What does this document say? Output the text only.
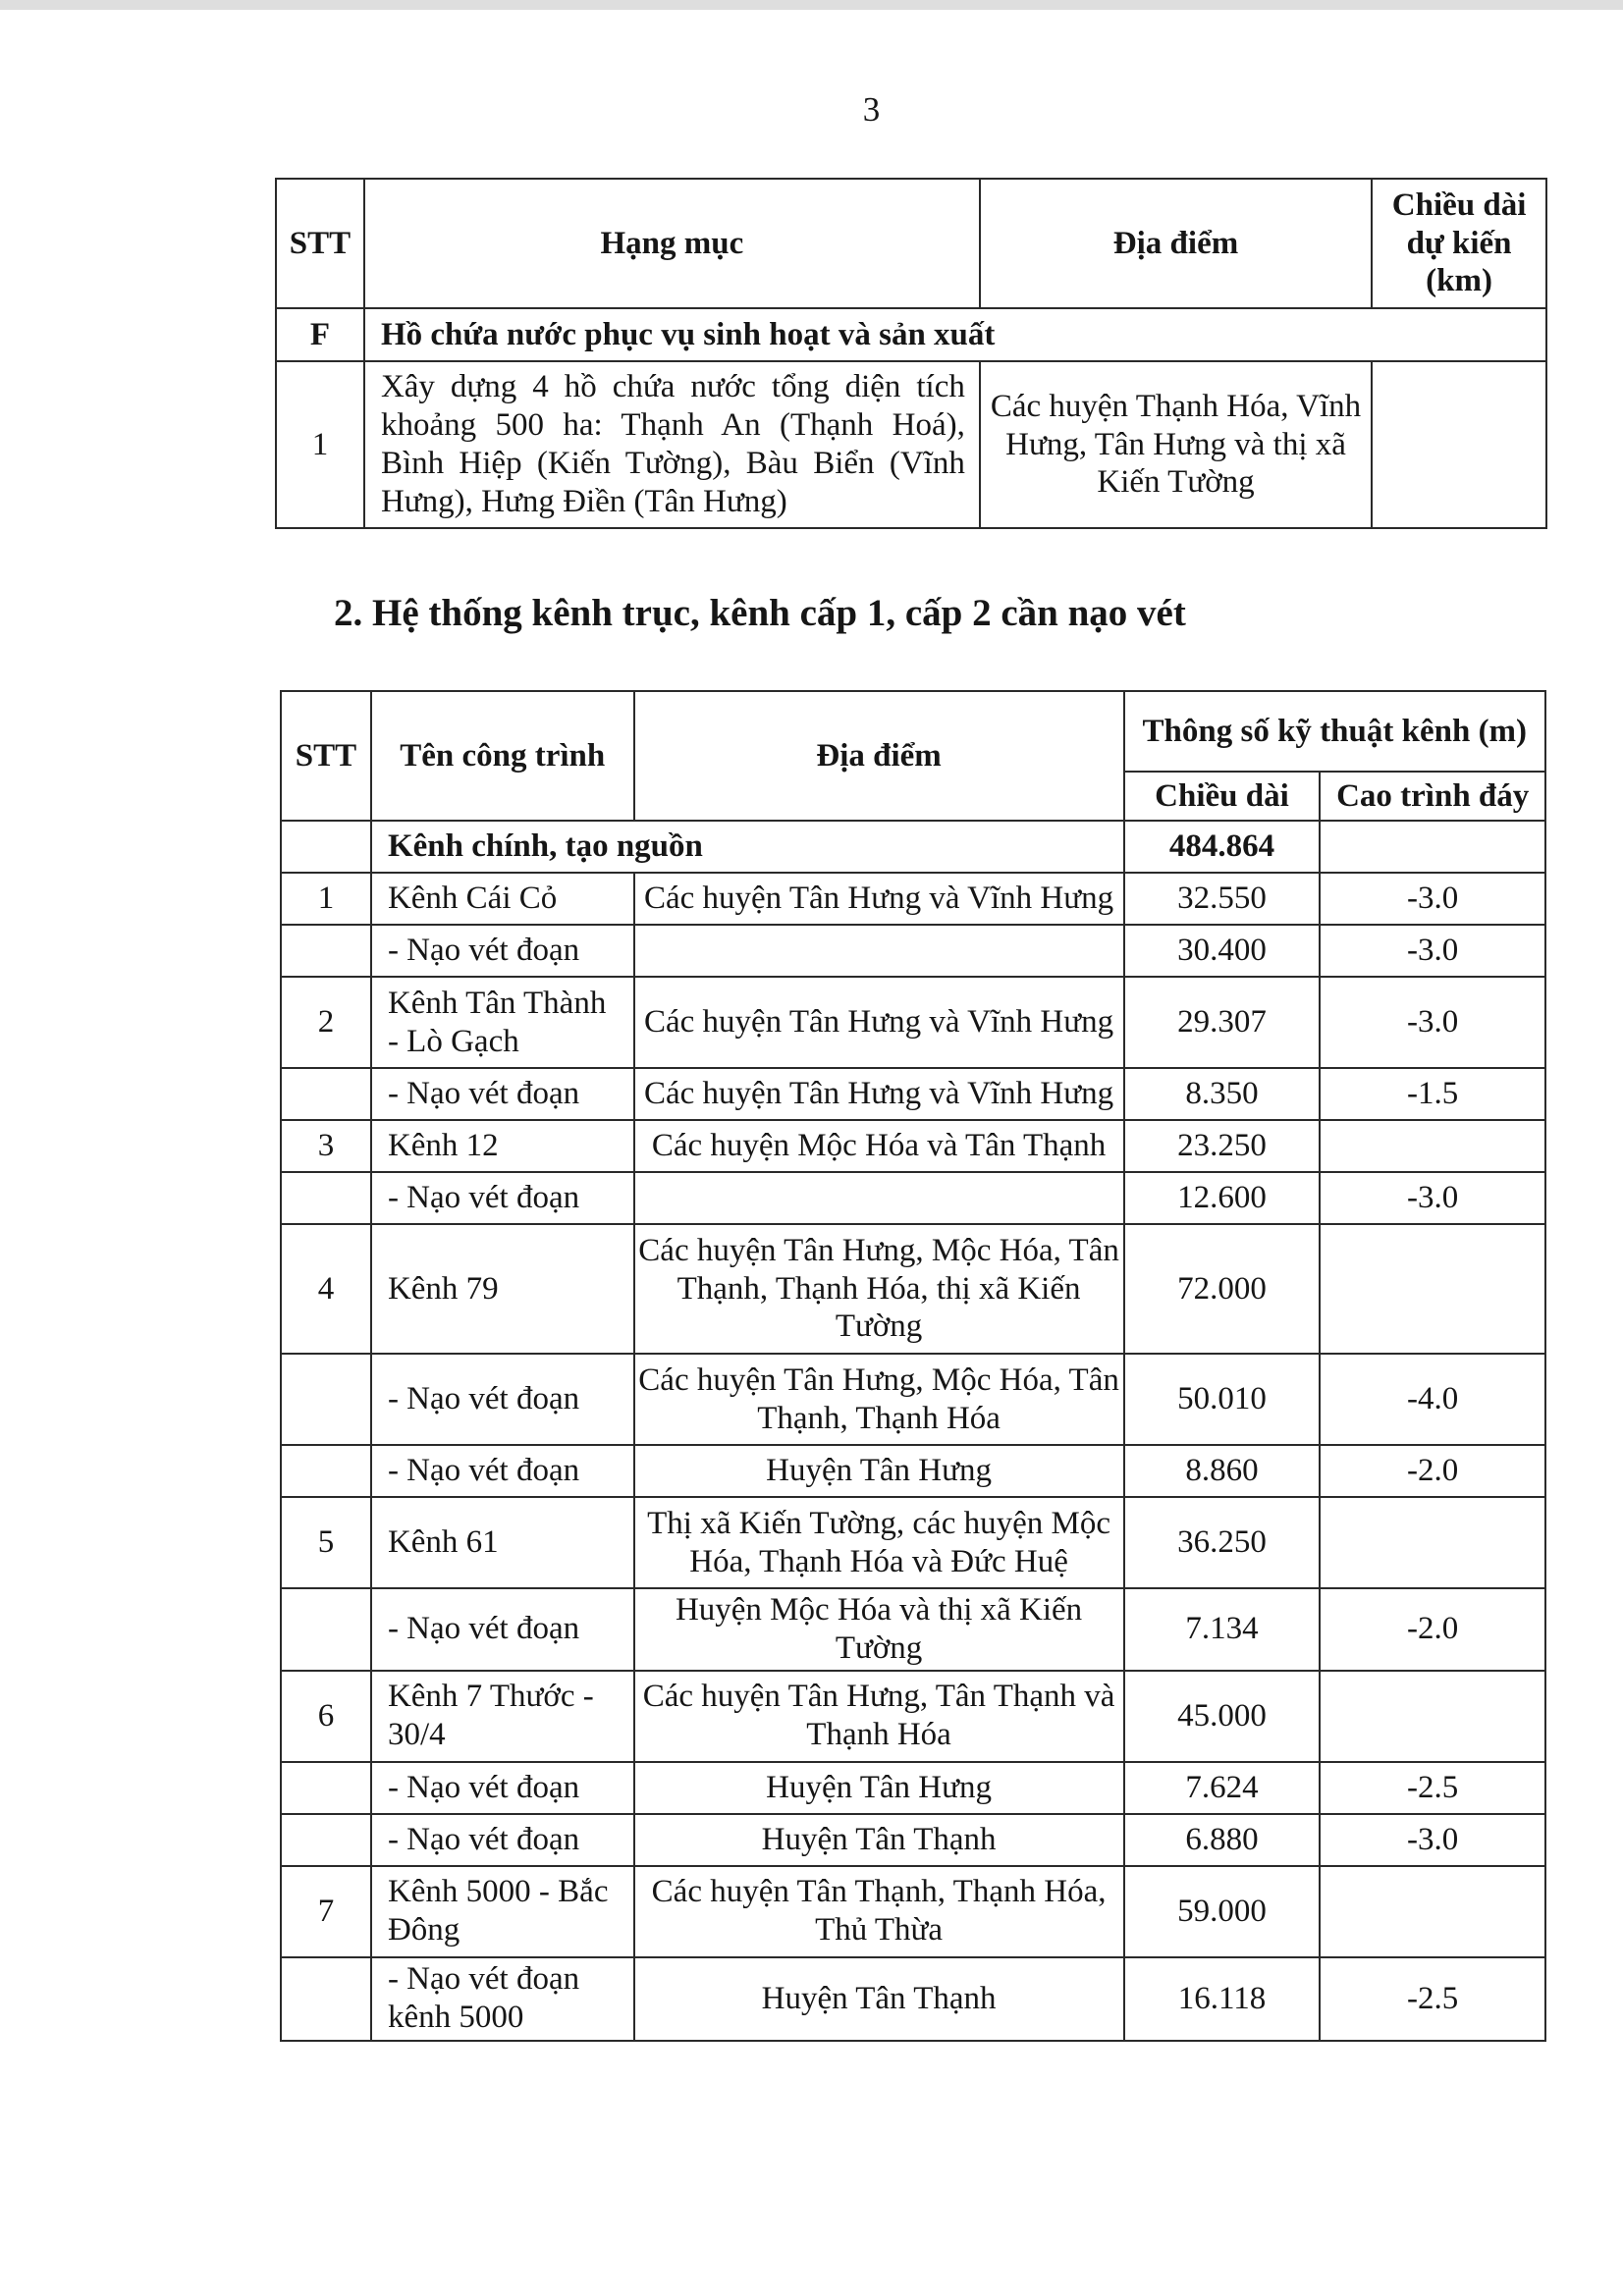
3
STT	Hạng mục	Địa điểm	Chiều dài dự kiến (km)
F	Hồ chứa nước phục vụ sinh hoạt và sản xuất		
1	Xây dựng 4 hồ chứa nước tổng diện tích khoảng 500 ha: Thạnh An (Thạnh Hoá), Bình Hiệp (Kiến Tường), Bàu Biển (Vĩnh Hưng), Hưng Điền (Tân Hưng)	Các huyện Thạnh Hóa, Vĩnh Hưng, Tân Hưng và thị xã Kiến Tường	
2. Hệ thống kênh trục, kênh cấp 1, cấp 2 cần nạo vét
STT	Tên công trình	Địa điểm	Thông số kỹ thuật kênh (m)	
			Chiều dài	Cao trình đáy
	Kênh chính, tạo nguồn		484.864	
1	Kênh Cái Cỏ	Các huyện Tân Hưng và Vĩnh Hưng	32.550	-3.0
	- Nạo vét đoạn		30.400	-3.0
2	Kênh Tân Thành - Lò Gạch	Các huyện Tân Hưng và Vĩnh Hưng	29.307	-3.0
	- Nạo vét đoạn	Các huyện Tân Hưng và Vĩnh Hưng	8.350	-1.5
3	Kênh 12	Các huyện Mộc Hóa và Tân Thạnh	23.250	
	- Nạo vét đoạn		12.600	-3.0
4	Kênh 79	Các huyện Tân Hưng, Mộc Hóa, Tân Thạnh, Thạnh Hóa, thị xã Kiến Tường	72.000	
	- Nạo vét đoạn	Các huyện Tân Hưng, Mộc Hóa, Tân Thạnh, Thạnh Hóa	50.010	-4.0
	- Nạo vét đoạn	Huyện Tân Hưng	8.860	-2.0
5	Kênh 61	Thị xã Kiến Tường, các huyện Mộc Hóa, Thạnh Hóa và Đức Huệ	36.250	
	- Nạo vét đoạn	Huyện Mộc Hóa và thị xã Kiến Tường	7.134	-2.0
6	Kênh 7 Thước - 30/4	Các huyện Tân Hưng, Tân Thạnh và Thạnh Hóa	45.000	
	- Nạo vét đoạn	Huyện Tân Hưng	7.624	-2.5
	- Nạo vét đoạn	Huyện Tân Thạnh	6.880	-3.0
7	Kênh 5000 - Bắc Đông	Các huyện Tân Thạnh, Thạnh Hóa, Thủ Thừa	59.000	
	- Nạo vét đoạn kênh 5000	Huyện Tân Thạnh	16.118	-2.5
